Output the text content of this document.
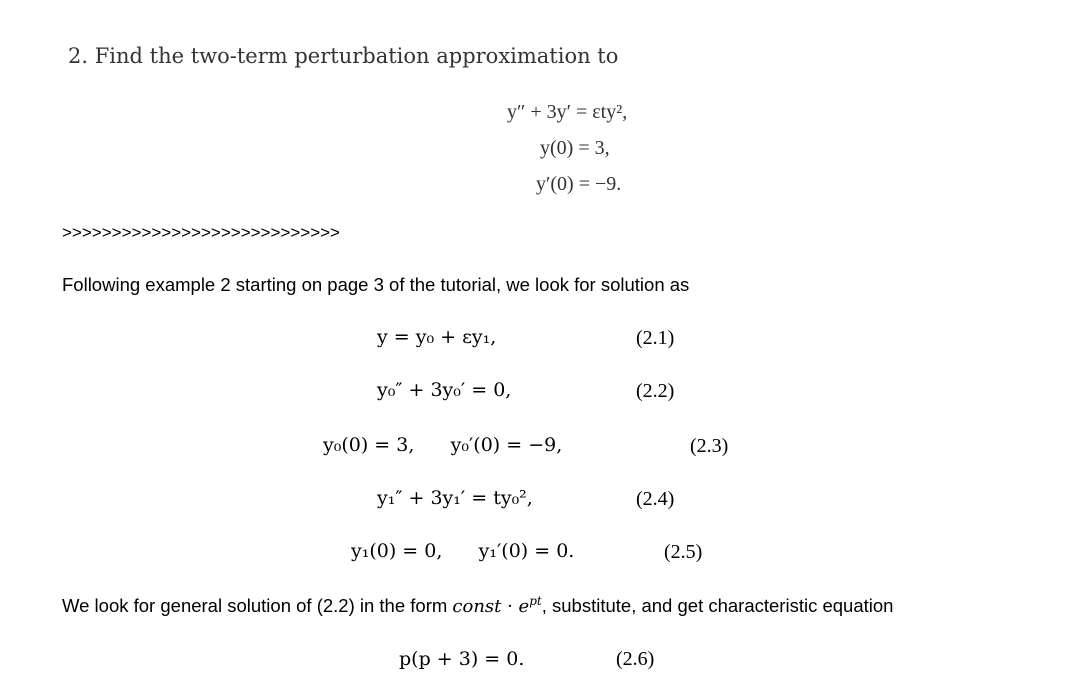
2. Find the two-term perturbation approximation to
y″ + 3y′ = εty²,
y(0) = 3,
y′(0) = −9.
>>>>>>>>>>>>>>>>>>>>>>>>>>>>
Following example 2 starting on page 3 of the tutorial, we look for solution as
y = y₀ + εy₁,	(2.1)
y₀″ + 3y₀′ = 0,	(2.2)
y₀(0) = 3,      y₀′(0) = −9,	(2.3)
y₁″ + 3y₁′ = ty₀²,	(2.4)
y₁(0) = 0,      y₁′(0) = 0.	(2.5)
We look for general solution of (2.2) in the form const · $e^{pt}$, substitute, and get characteristic equation
p(p + 3) = 0.	(2.6)
